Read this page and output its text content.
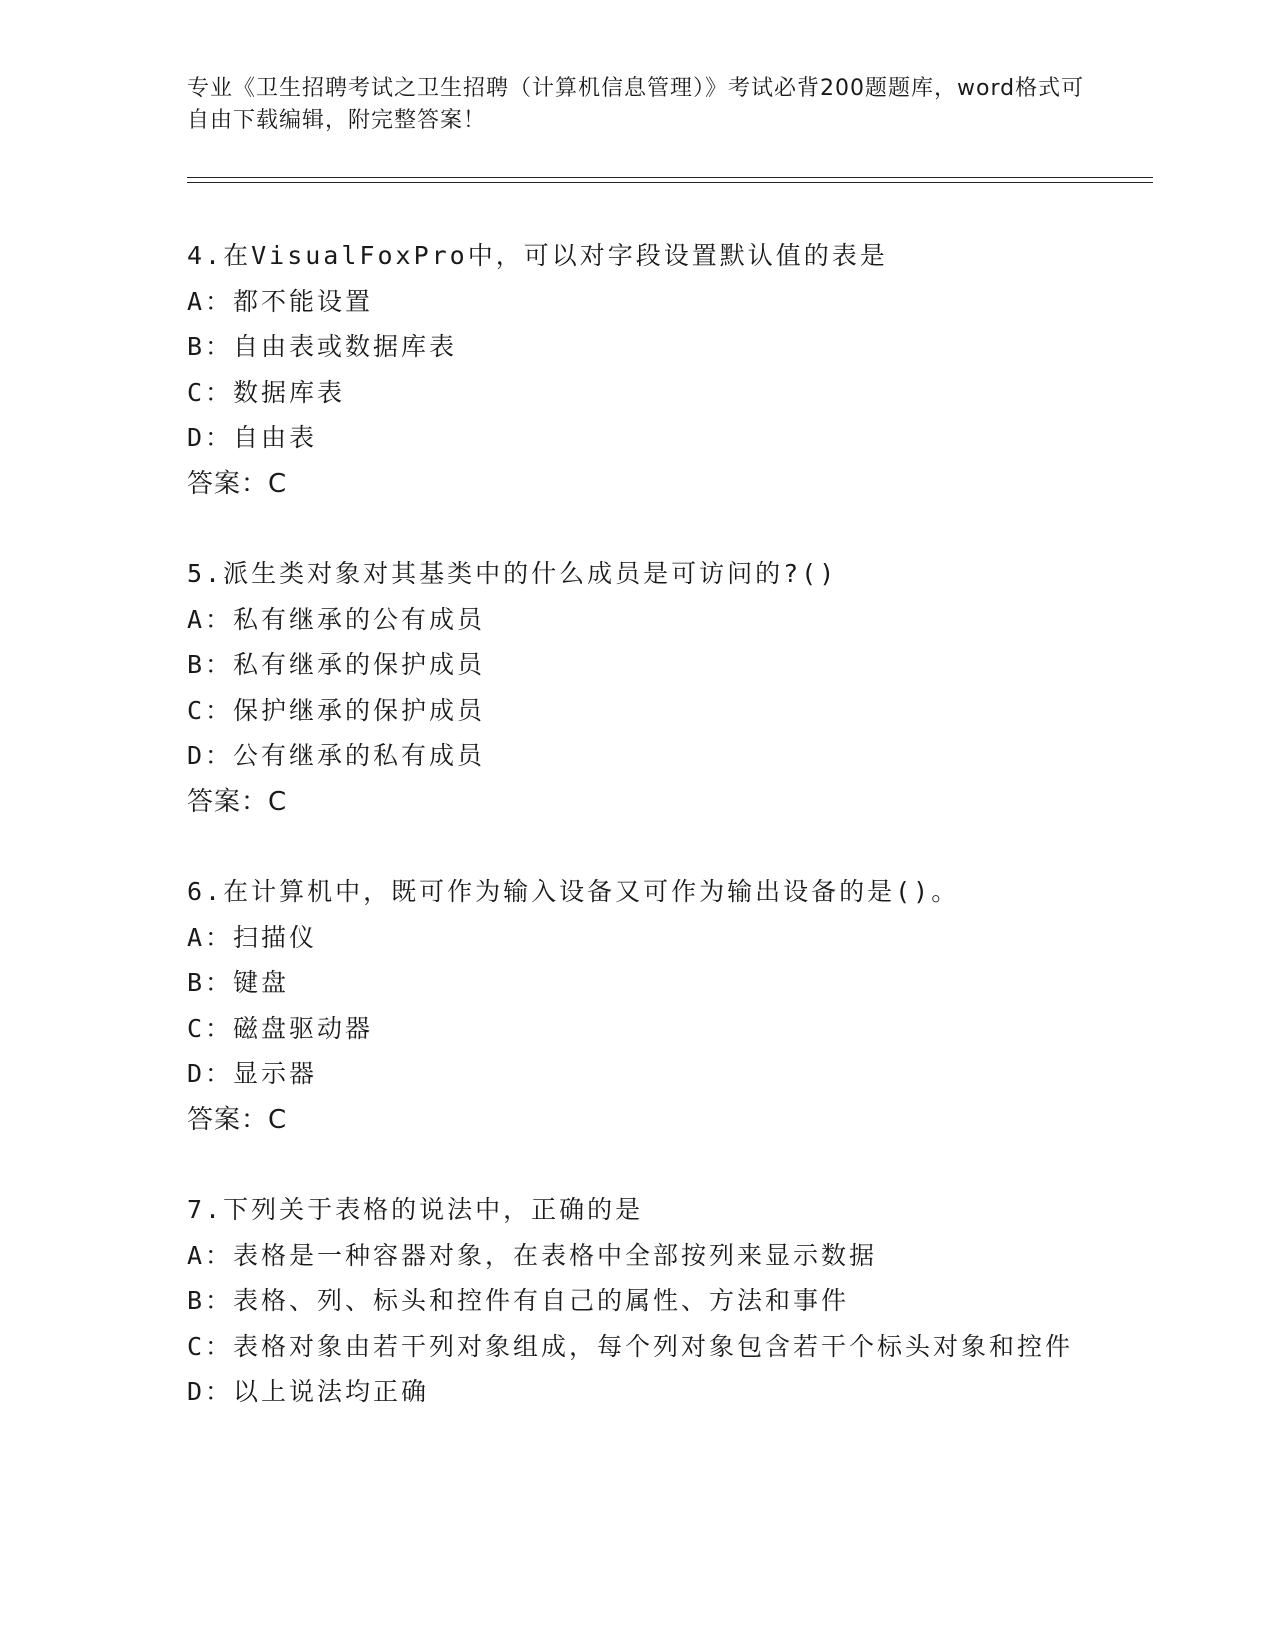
专业《卫生招聘考试之卫生招聘（计算机信息管理）》考试必背200题题库，word格式可自由下载编辑，附完整答案！
4.在VisualFoxPro中，可以对字段设置默认值的表是
A：都不能设置
B：自由表或数据库表
C：数据库表
D：自由表
答案：C
5.派生类对象对其基类中的什么成员是可访问的?()
A：私有继承的公有成员
B：私有继承的保护成员
C：保护继承的保护成员
D：公有继承的私有成员
答案：C
6.在计算机中，既可作为输入设备又可作为输出设备的是()。
A：扫描仪
B：键盘
C：磁盘驱动器
D：显示器
答案：C
7.下列关于表格的说法中，正确的是
A：表格是一种容器对象，在表格中全部按列来显示数据
B：表格、列、标头和控件有自己的属性、方法和事件
C：表格对象由若干列对象组成，每个列对象包含若干个标头对象和控件
D：以上说法均正确
